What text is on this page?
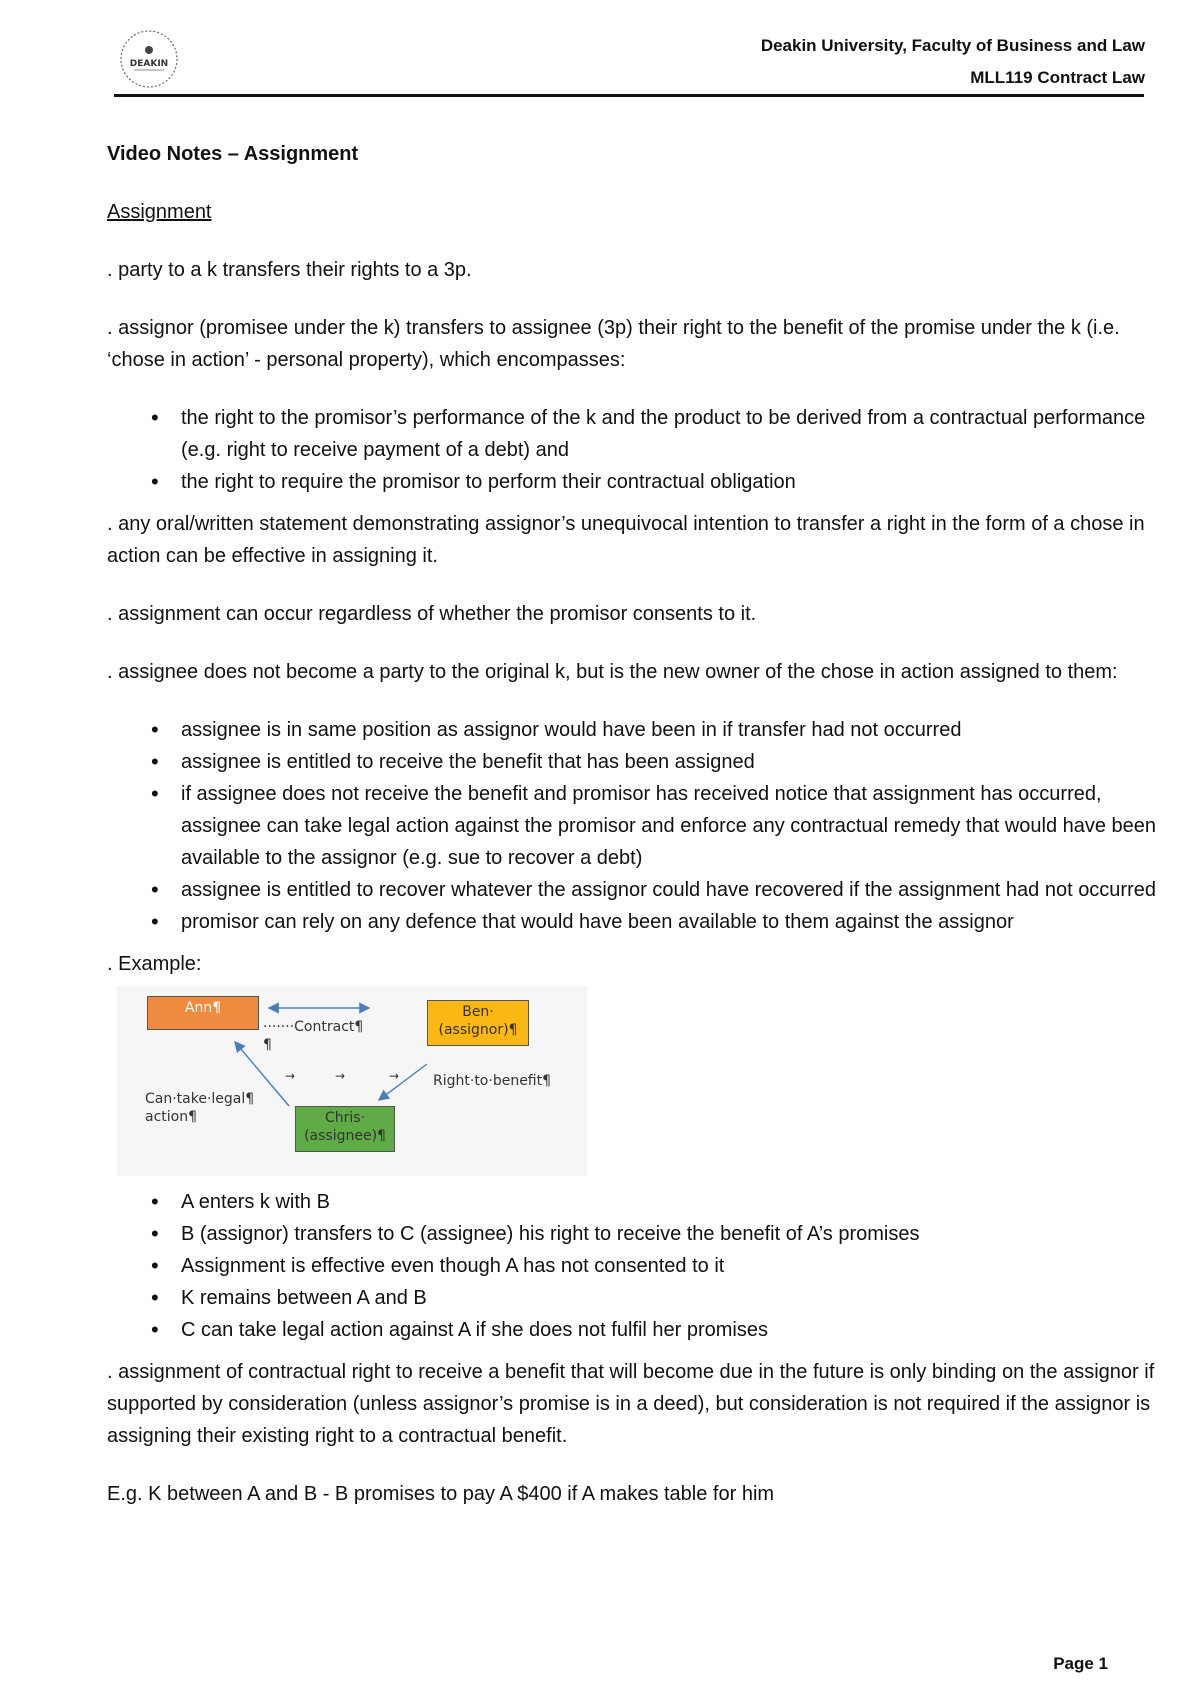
DEAKIN
Deakin University, Faculty of Business and Law
MLL119 Contract Law

Video Notes – Assignment

Assignment

. party to a k transfers their rights to a 3p.

. assignor (promisee under the k) transfers to assignee (3p) their right to the benefit of the promise under the k (i.e. ‘chose in action’ - personal property), which encompasses:

• the right to the promisor’s performance of the k and the product to be derived from a contractual performance (e.g. right to receive payment of a debt) and
• the right to require the promisor to perform their contractual obligation

. any oral/written statement demonstrating assignor’s unequivocal intention to transfer a right in the form of a chose in action can be effective in assigning it.

. assignment can occur regardless of whether the promisor consents to it.

. assignee does not become a party to the original k, but is the new owner of the chose in action assigned to them:

• assignee is in same position as assignor would have been in if transfer had not occurred
• assignee is entitled to receive the benefit that has been assigned
• if assignee does not receive the benefit and promisor has received notice that assignment has occurred, assignee can take legal action against the promisor and enforce any contractual remedy that would have been available to the assignor (e.g. sue to recover a debt)
• assignee is entitled to recover whatever the assignor could have recovered if the assignment had not occurred
• promisor can rely on any defence that would have been available to them against the assignor

. Example:

→	→	→
Ann¶
·······Contract¶
¶
Ben·
(assignor)¶
Right·to·benefit¶
Can·take·legal¶
action¶	Chris·
(assignee)¶
• A enters k with B
• B (assignor) transfers to C (assignee) his right to receive the benefit of A’s promises
• Assignment is effective even though A has not consented to it
• K remains between A and B
• C can take legal action against A if she does not fulfil her promises

. assignment of contractual right to receive a benefit that will become due in the future is only binding on the assignor if supported by consideration (unless assignor’s promise is in a deed), but consideration is not required if the assignor is assigning their existing right to a contractual benefit.

E.g. K between A and B - B promises to pay A $400 if A makes table for him

Page 1
